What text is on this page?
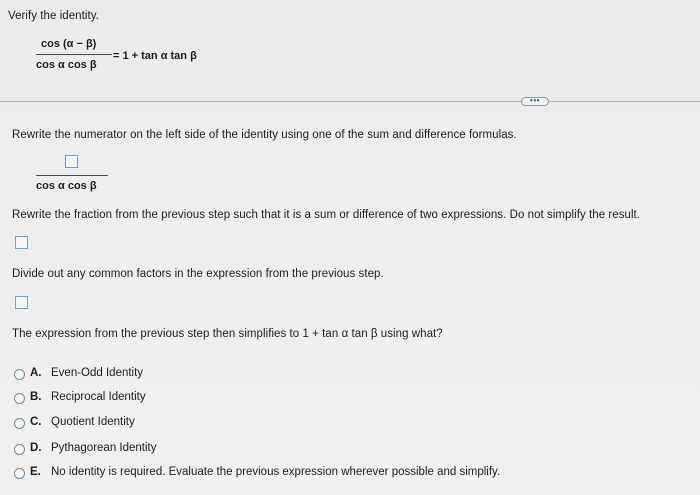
Verify the identity.
cos (α − β)
cos α cos β
= 1 + tan α tan β
•••
Rewrite the numerator on the left side of the identity using one of the sum and difference formulas.
cos α cos β
Rewrite the fraction from the previous step such that it is a sum or difference of two expressions. Do not simplify the result.
Divide out any common factors in the expression from the previous step.
The expression from the previous step then simplifies to 1 + tan α tan β using what?
A. Even-Odd Identity
B. Reciprocal Identity
C. Quotient Identity
D. Pythagorean Identity
E. No identity is required. Evaluate the previous expression wherever possible and simplify.
